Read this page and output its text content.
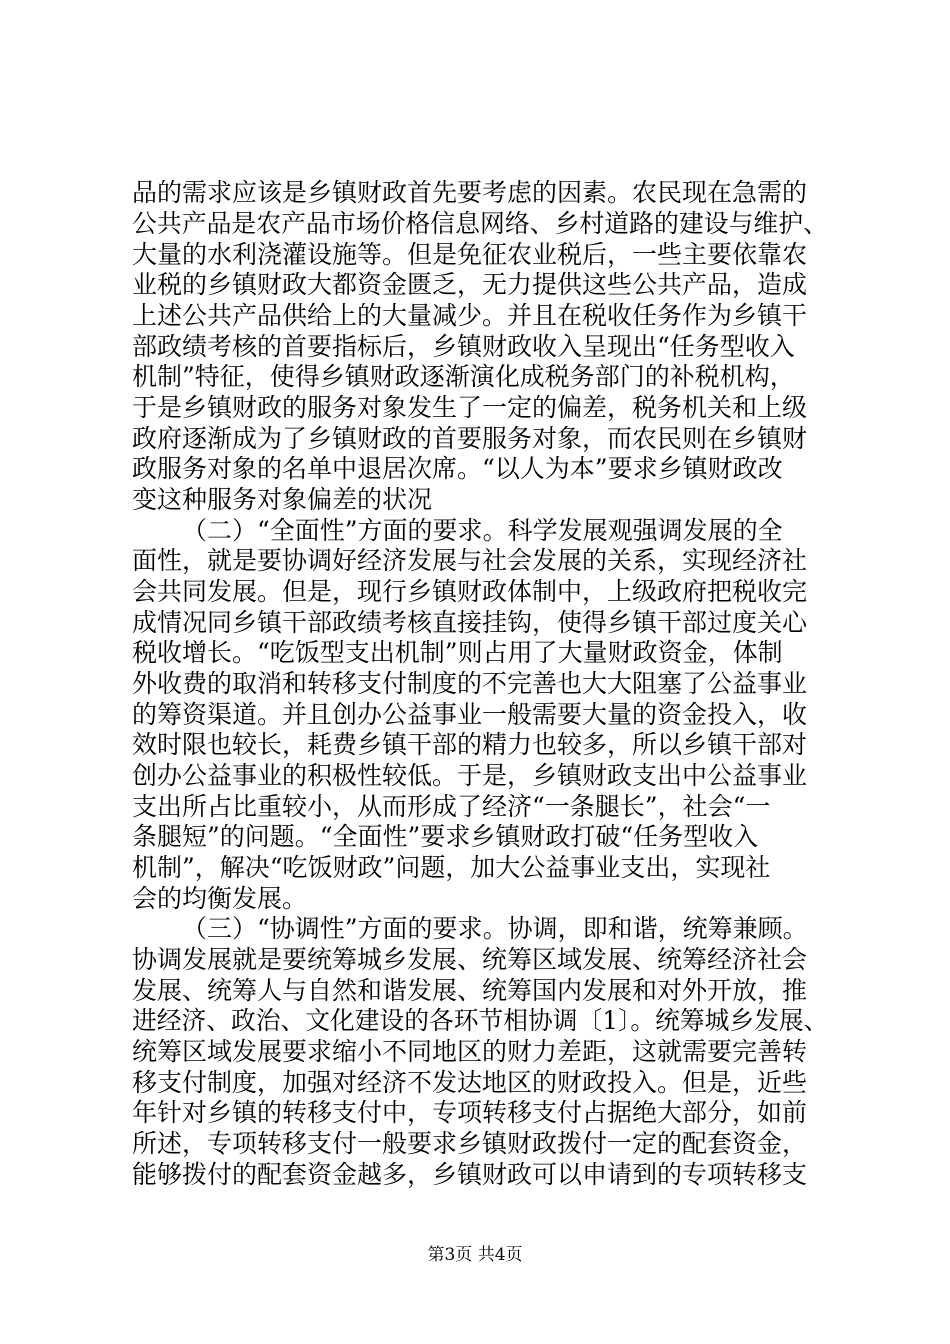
品的需求应该是乡镇财政首先要考虑的因素。农民现在急需的
公共产品是农产品市场价格信息网络、乡村道路的建设与维护、
大量的水利浇灌设施等。但是免征农业税后，一些主要依靠农
业税的乡镇财政大都资金匮乏，无力提供这些公共产品，造成
上述公共产品供给上的大量减少。并且在税收任务作为乡镇干
部政绩考核的首要指标后，乡镇财政收入呈现出“任务型收入
机制”特征，使得乡镇财政逐渐演化成税务部门的补税机构，
于是乡镇财政的服务对象发生了一定的偏差，税务机关和上级
政府逐渐成为了乡镇财政的首要服务对象，而农民则在乡镇财
政服务对象的名单中退居次席。“以人为本”要求乡镇财政改
变这种服务对象偏差的状况
（二）“全面性”方面的要求。科学发展观强调发展的全
面性，就是要协调好经济发展与社会发展的关系，实现经济社
会共同发展。但是，现行乡镇财政体制中，上级政府把税收完
成情况同乡镇干部政绩考核直接挂钩，使得乡镇干部过度关心
税收增长。“吃饭型支出机制”则占用了大量财政资金，体制
外收费的取消和转移支付制度的不完善也大大阻塞了公益事业
的筹资渠道。并且创办公益事业一般需要大量的资金投入，收
效时限也较长，耗费乡镇干部的精力也较多，所以乡镇干部对
创办公益事业的积极性较低。于是，乡镇财政支出中公益事业
支出所占比重较小，从而形成了经济“一条腿长”，社会“一
条腿短”的问题。“全面性”要求乡镇财政打破“任务型收入
机制”，解决“吃饭财政”问题，加大公益事业支出，实现社
会的均衡发展。
（三）“协调性”方面的要求。协调，即和谐，统筹兼顾。
协调发展就是要统筹城乡发展、统筹区域发展、统筹经济社会
发展、统筹人与自然和谐发展、统筹国内发展和对外开放，推
进经济、政治、文化建设的各环节相协调〔1〕。统筹城乡发展、
统筹区域发展要求缩小不同地区的财力差距，这就需要完善转
移支付制度，加强对经济不发达地区的财政投入。但是，近些
年针对乡镇的转移支付中，专项转移支付占据绝大部分，如前
所述，专项转移支付一般要求乡镇财政拨付一定的配套资金，
能够拨付的配套资金越多，乡镇财政可以申请到的专项转移支
第3页 共4页
